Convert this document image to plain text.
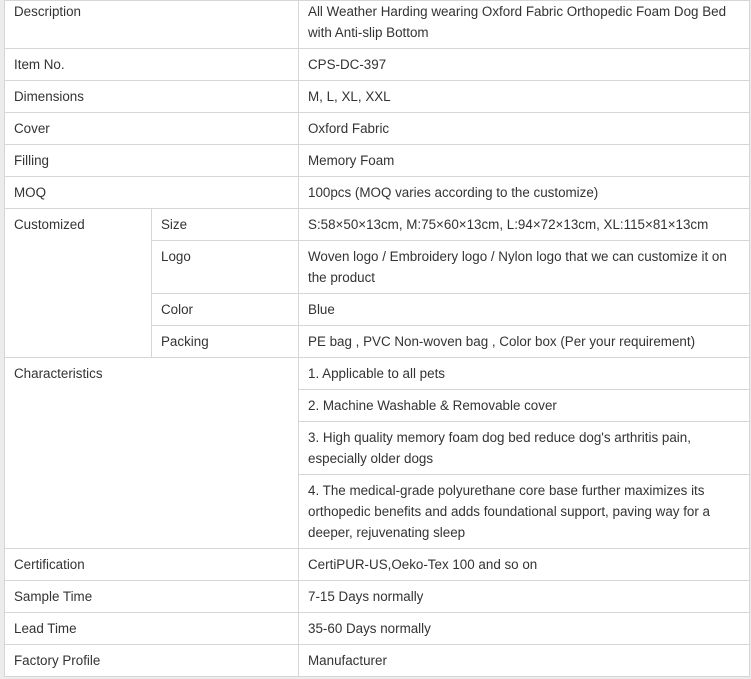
Description		All Weather Harding wearing Oxford Fabric Orthopedic Foam Dog Bed with Anti-slip Bottom
Item No.		CPS-DC-397
Dimensions		M, L, XL, XXL
Cover		Oxford Fabric
Filling		Memory Foam
MOQ		100pcs (MOQ varies according to the customize)
Customized	Size	S:58×50×13cm, M:75×60×13cm, L:94×72×13cm, XL:115×81×13cm
	Logo	Woven logo / Embroidery logo / Nylon logo that we can customize it on the product
	Color	Blue
	Packing	PE bag , PVC Non-woven bag , Color box (Per your requirement)
Characteristics		1. Applicable to all pets
		2. Machine Washable & Removable cover
		3. High quality memory foam dog bed reduce dog's arthritis pain, especially older dogs
		4. The medical-grade polyurethane core base further maximizes its orthopedic benefits and adds foundational support, paving way for a deeper, rejuvenating sleep
Certification		CertiPUR-US,Oeko-Tex 100 and so on
Sample Time		7-15 Days normally
Lead Time		35-60 Days normally
Factory Profile		Manufacturer
